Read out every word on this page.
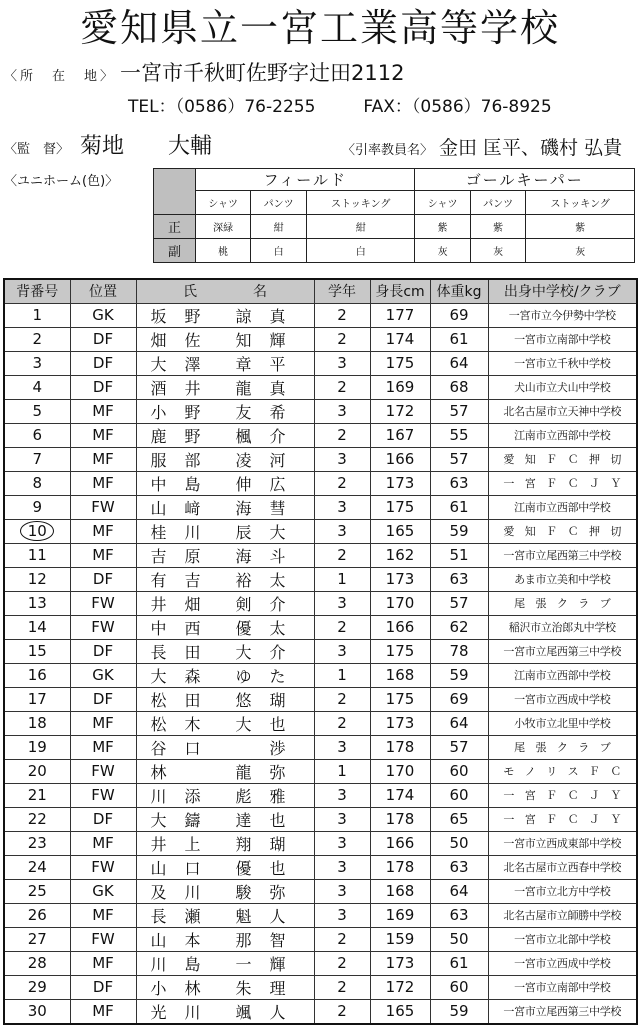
愛知県立一宮工業高等学校
〈所　在　地〉 一宮市千秋町佐野字辻田2112
TEL：（0586）76-2255	FAX：（0586）76-8925
〈監　督〉 菊地　　大輔	〈引率教員名〉 金田 匡平、磯村 弘貴
〈ユニホーム(色)〉
		フィールド			ゴールキーパー		
	シャツ	パンツ	ストッキング	シャツ	パンツ	ストッキング
正	深緑	紺	紺	紫	紫	紫
副	桃	白	白	灰	灰	灰
背番号	位置	氏　　　　名	学年	身長cm	体重kg	出身中学校/クラブ
1	GK	坂　野　　諒　真	2	177	69	一宮市立今伊勢中学校
2	DF	畑　佐　　知　輝	2	174	61	一宮市立南部中学校
3	DF	大　澤　　章　平	3	175	64	一宮市立千秋中学校
4	DF	酒　井　　龍　真	2	169	68	犬山市立犬山中学校
5	MF	小　野　　友　希	3	172	57	北名古屋市立天神中学校
6	MF	鹿　野　　楓　介	2	167	55	江南市立西部中学校
7	MF	服　部　　凌　河	3	166	57	愛　知　Ｆ　Ｃ　押　切
8	MF	中　島　　伸　広	2	173	63	一　宮　Ｆ　Ｃ　Ｊ　Ｙ
9	FW	山　﨑　　海　彗	3	175	61	江南市立西部中学校
10	MF	桂　川　　辰　大	3	165	59	愛　知　Ｆ　Ｃ　押　切
11	MF	吉　原　　海　斗	2	162	51	一宮市立尾西第三中学校
12	DF	有　吉　　裕　太	1	173	63	あま市立美和中学校
13	FW	井　畑　　剣　介	3	170	57	尾　張　ク　ラ　ブ
14	FW	中　西　　優　太	2	166	62	稲沢市立治郎丸中学校
15	DF	長　田　　大　介	3	175	78	一宮市立尾西第三中学校
16	GK	大　森　　ゆ　た	1	168	59	江南市立西部中学校
17	DF	松　田　　悠　瑚	2	175	69	一宮市立西成中学校
18	MF	松　木　　大　也	2	173	64	小牧市立北里中学校
19	MF	谷　口　　　　渉	3	178	57	尾　張　ク　ラ　ブ
20	FW	林　　　　龍　弥	1	170	60	モ　ノ　リ　ス　Ｆ　Ｃ
21	FW	川　添　　彪　雅	3	174	60	一　宮　Ｆ　Ｃ　Ｊ　Ｙ
22	DF	大　鑄　　達　也	3	178	65	一　宮　Ｆ　Ｃ　Ｊ　Ｙ
23	MF	井　上　　翔　瑚	3	166	50	一宮市立西成東部中学校
24	FW	山　口　　優　也	3	178	63	北名古屋市立西春中学校
25	GK	及　川　　駿　弥	3	168	64	一宮市立北方中学校
26	MF	長　瀬　　魁　人	3	169	63	北名古屋市立師勝中学校
27	FW	山　本　　那　智	2	159	50	一宮市立北部中学校
28	MF	川　島　　一　輝	2	173	61	一宮市立西成中学校
29	DF	小　林　　朱　理	2	172	60	一宮市立南部中学校
30	MF	光　川　　颯　人	2	165	59	一宮市立尾西第三中学校
